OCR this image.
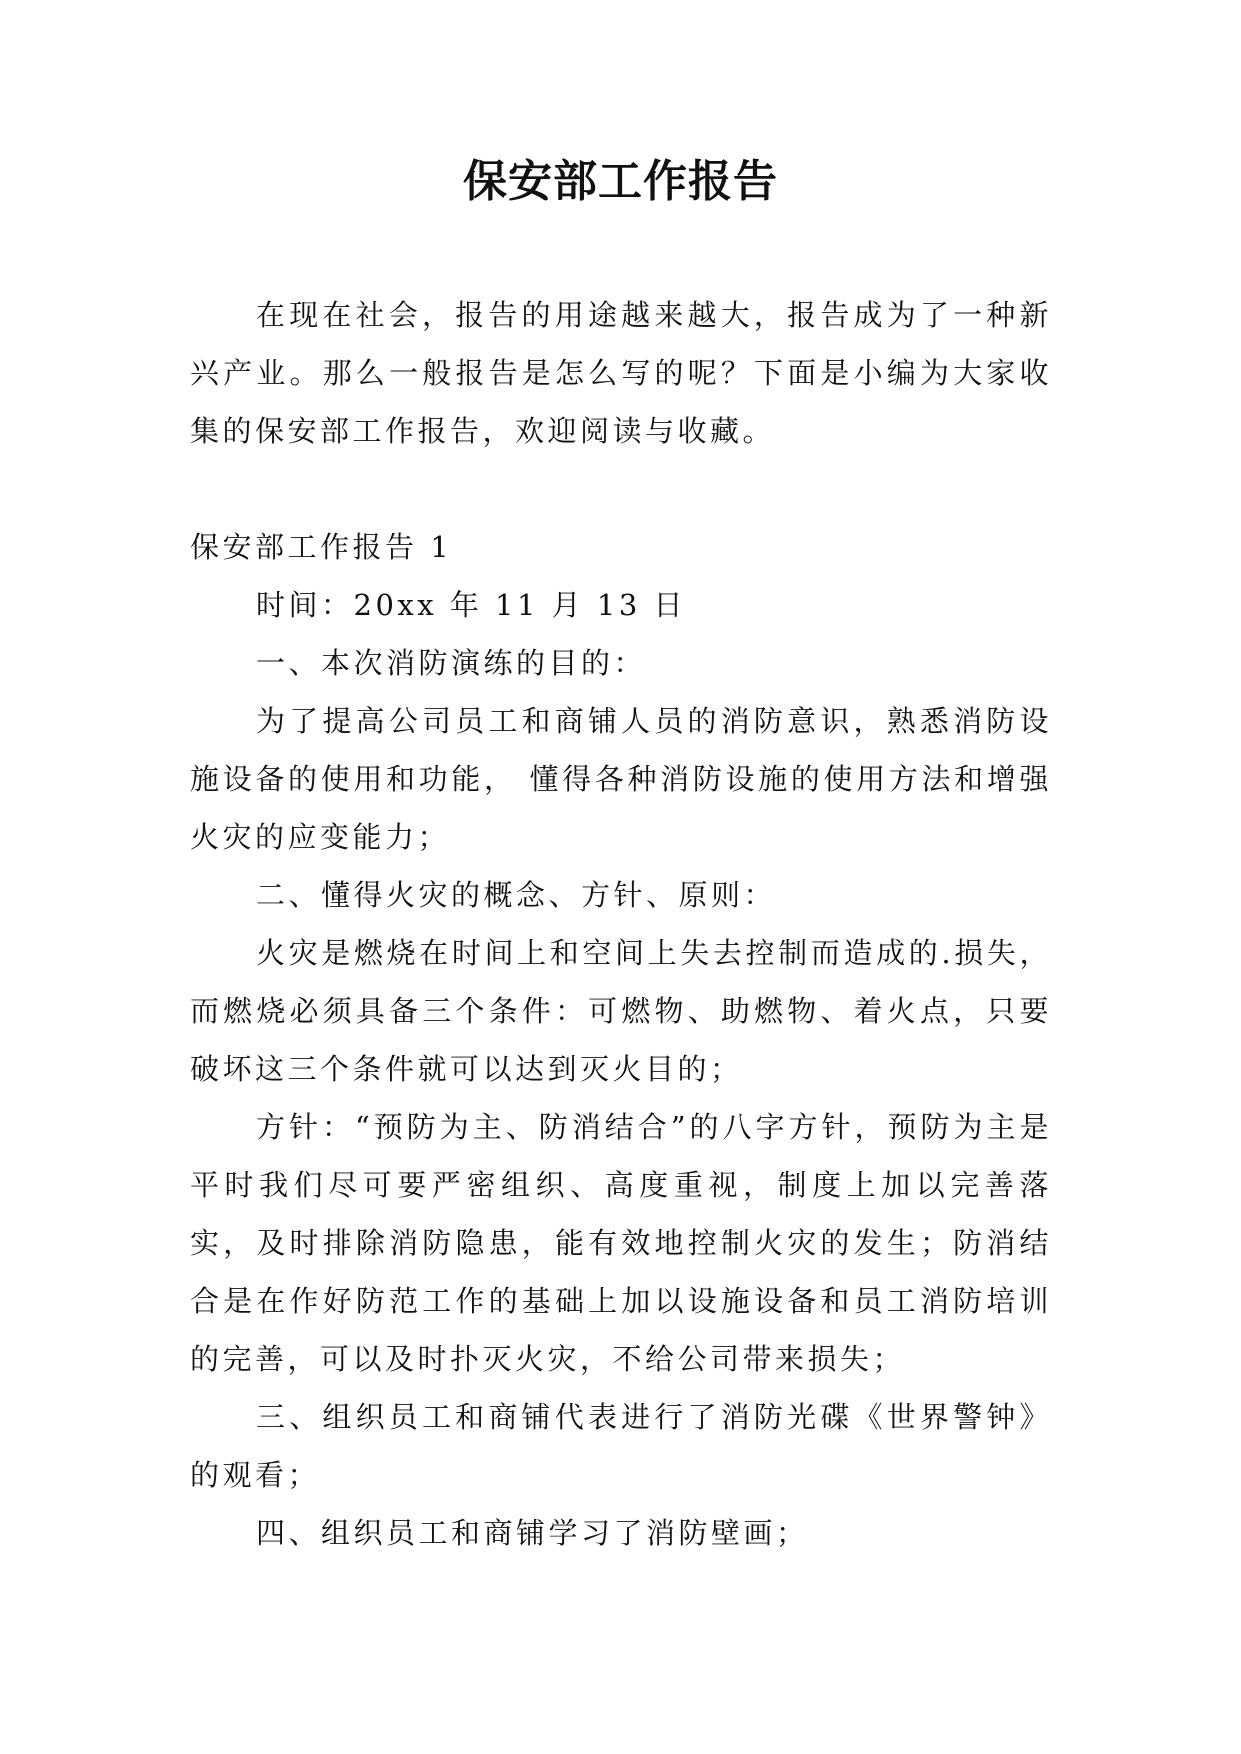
保安部工作报告

在现在社会，报告的用途越来越大，报告成为了一种新兴产业。那么一般报告是怎么写的呢？下面是小编为大家收集的保安部工作报告，欢迎阅读与收藏。

保安部工作报告 1

时间：20xx 年 11 月 13 日

一、本次消防演练的目的：

为了提高公司员工和商铺人员的消防意识，熟悉消防设施设备的使用和功能， 懂得各种消防设施的使用方法和增强火灾的应变能力；

二、懂得火灾的概念、方针、原则：

火灾是燃烧在时间上和空间上失去控制而造成的.损失，而燃烧必须具备三个条件：可燃物、助燃物、着火点，只要破坏这三个条件就可以达到灭火目的；

方针：“预防为主、防消结合”的八字方针，预防为主是平时我们尽可要严密组织、高度重视，制度上加以完善落实，及时排除消防隐患，能有效地控制火灾的发生；防消结合是在作好防范工作的基础上加以设施设备和员工消防培训的完善，可以及时扑灭火灾，不给公司带来损失；

三、组织员工和商铺代表进行了消防光碟《世界警钟》的观看；

四、组织员工和商铺学习了消防壁画；
